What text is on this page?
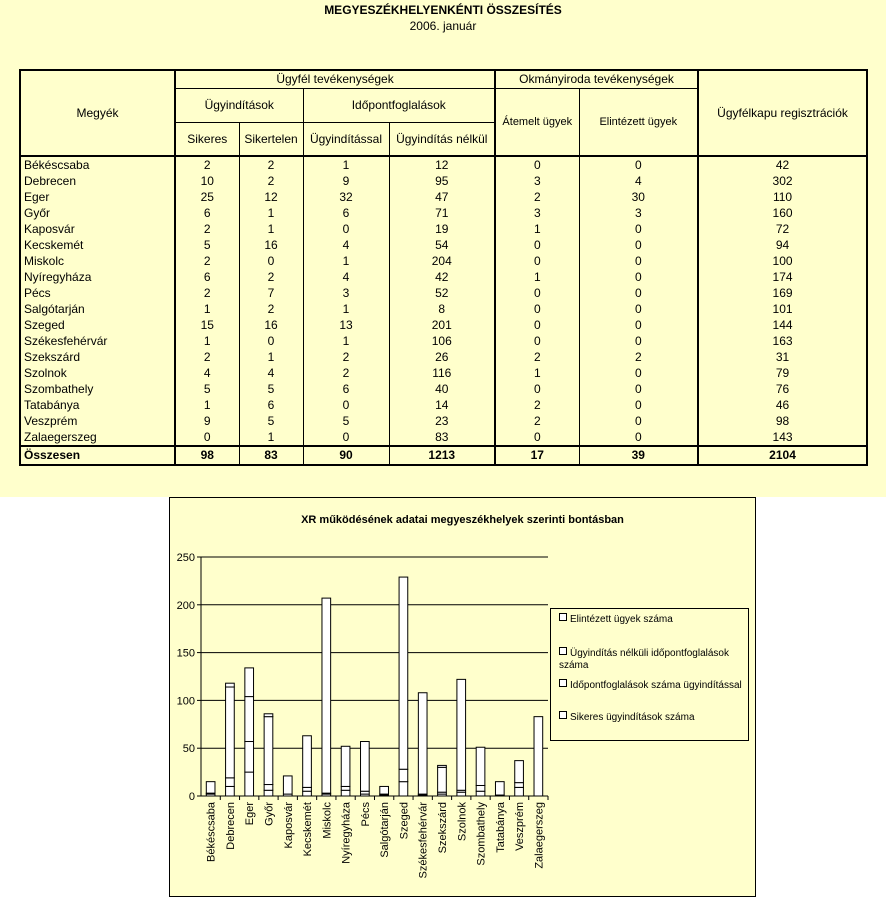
MEGYESZÉKHELYENKÉNTI ÖSSZESÍTÉS
2006. január
Megyék	Ügyfél tevékenységek				Okmányiroda tevékenységek		Ügyfélkapu regisztrációk
	Ügyindítások		Időpontfoglalások		Átemelt ügyek	Elintézett ügyek	
	Sikeres	Sikertelen	Ügyindítással	Ügyindítás nélkül			
Békéscsaba	2	2	1	12	0	0	42
Debrecen	10	2	9	95	3	4	302
Eger	25	12	32	47	2	30	110
Győr	6	1	6	71	3	3	160
Kaposvár	2	1	0	19	1	0	72
Kecskemét	5	16	4	54	0	0	94
Miskolc	2	0	1	204	0	0	100
Nyíregyháza	6	2	4	42	1	0	174
Pécs	2	7	3	52	0	0	169
Salgótarján	1	2	1	8	0	0	101
Szeged	15	16	13	201	0	0	144
Székesfehérvár	1	0	1	106	0	0	163
Szekszárd	2	1	2	26	2	2	31
Szolnok	4	4	2	116	1	0	79
Szombathely	5	5	6	40	0	0	76
Tatabánya	1	6	0	14	2	0	46
Veszprém	9	5	5	23	2	0	98
Zalaegerszeg	0	1	0	83	0	0	143
Összesen	98	83	90	1213	17	39	2104
XR működésének adatai megyeszékhelyek szerinti bontásban
0
50
100
150
200
250
Békéscsaba Debrecen Eger Győr Kaposvár Kecskemét Miskolc Nyíregyháza Pécs Salgótarján Szeged Székesfehérvár Szekszárd Szolnok Szombathely Tatabánya Veszprém Zalaegerszeg
Elintézett ügyek száma
Ügyindítás nélküli időpontfoglalások száma
Időpontfoglalások száma ügyindítással
Sikeres ügyindítások száma
